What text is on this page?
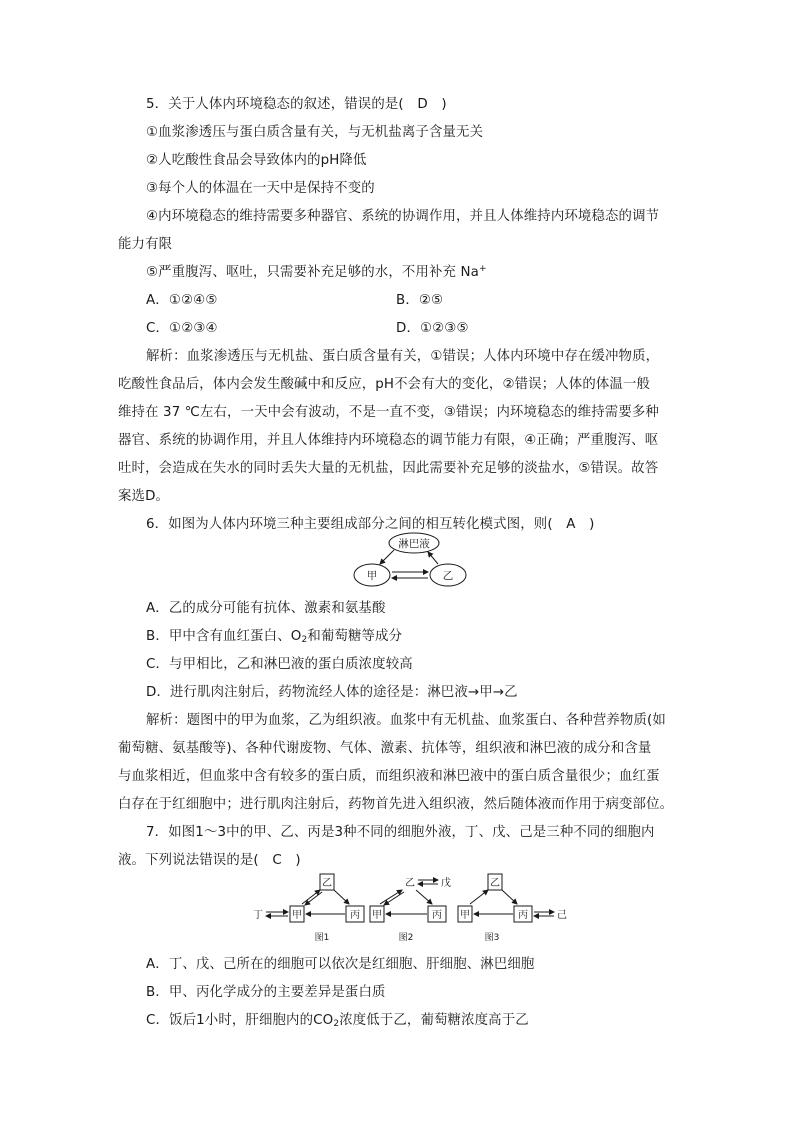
5．关于人体内环境稳态的叙述，错误的是(　D　)
①血浆渗透压与蛋白质含量有关，与无机盐离子含量无关
②人吃酸性食品会导致体内的pH降低
③每个人的体温在一天中是保持不变的
④内环境稳态的维持需要多种器官、系统的协调作用，并且人体维持内环境稳态的调节
能力有限
⑤严重腹泻、呕吐，只需要补充足够的水，不用补充 Na+
A．①②④⑤	B．②⑤
C．①②③④	D．①②③⑤
解析：血浆渗透压与无机盐、蛋白质含量有关，①错误；人体内环境中存在缓冲物质，
吃酸性食品后，体内会发生酸碱中和反应，pH不会有大的变化，②错误；人体的体温一般
维持在 37 ℃左右，一天中会有波动，不是一直不变，③错误；内环境稳态的维持需要多种
器官、系统的协调作用，并且人体维持内环境稳态的调节能力有限，④正确；严重腹泻、呕
吐时，会造成在失水的同时丢失大量的无机盐，因此需要补充足够的淡盐水，⑤错误。故答
案选D。
6．如图为人体内环境三种主要组成部分之间的相互转化模式图，则(　A　)
淋巴液
甲	乙
A．乙的成分可能有抗体、激素和氨基酸
B．甲中含有血红蛋白、$O_2$和葡萄糖等成分
C．与甲相比，乙和淋巴液的蛋白质浓度较高
D．进行肌肉注射后，药物流经人体的途径是：淋巴液→甲→乙
解析：题图中的甲为血浆，乙为组织液。血浆中有无机盐、血浆蛋白、各种营养物质(如
葡萄糖、氨基酸等)、各种代谢废物、气体、激素、抗体等，组织液和淋巴液的成分和含量
与血浆相近，但血浆中含有较多的蛋白质，而组织液和淋巴液中的蛋白质含量很少；血红蛋
白存在于红细胞中；进行肌肉注射后，药物首先进入组织液，然后随体液而作用于病变部位。
7．如图1～3中的甲、乙、丙是3种不同的细胞外液，丁、戊、己是三种不同的细胞内
液。下列说法错误的是(　C　)
乙
甲	丙
丁
图1
乙	戊
甲	丙
图2
乙
甲	丙	己
图3
A．丁、戊、己所在的细胞可以依次是红细胞、肝细胞、淋巴细胞
B．甲、丙化学成分的主要差异是蛋白质
C．饭后1小时，肝细胞内的$CO_2$浓度低于乙，葡萄糖浓度高于乙
